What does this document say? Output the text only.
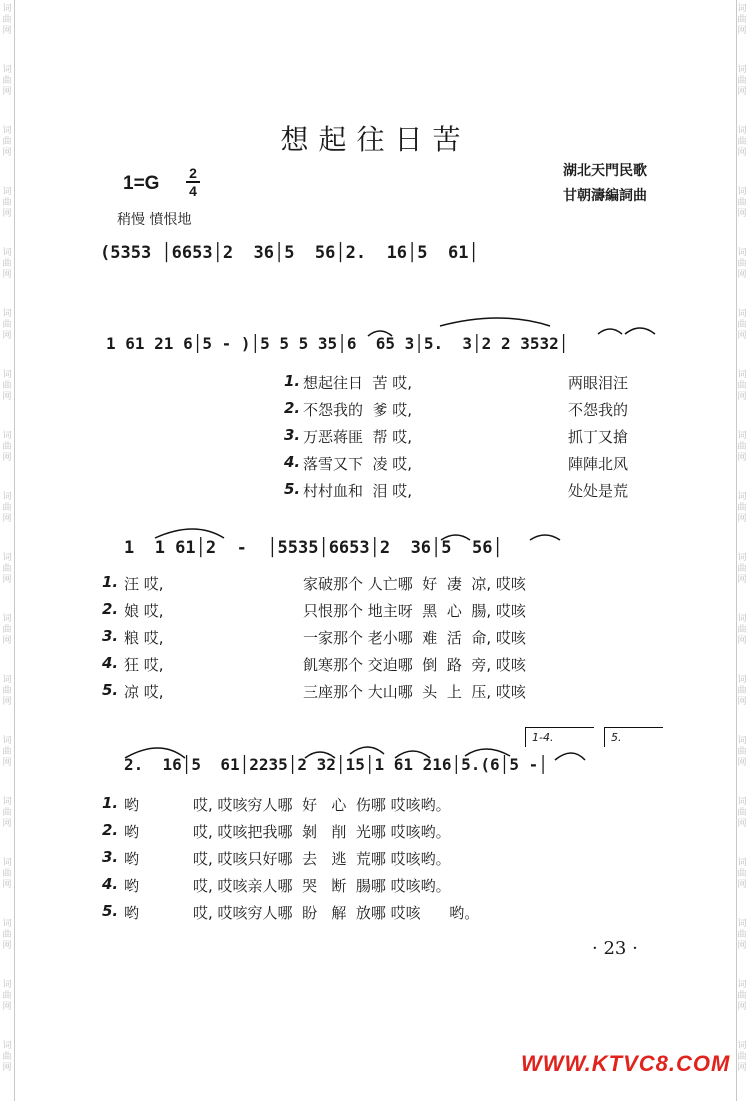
词
曲
网
词
曲
网
词
曲
网
词
曲
网
词
曲
网
词
曲
网
词
曲
网
词
曲
网
词
曲
网
词
曲
网
词
曲
网
词
曲
网
词
曲
网
词
曲
网
词
曲
网
词
曲
网
词
曲
网
词
曲
网
词
曲
网
词
曲
网
词
曲
网
词
曲
网
词
曲
网
词
曲
网
词
曲
网
词
曲
网
词
曲
网
词
曲
网
词
曲
网
词
曲
网
词
曲
网
词
曲
网
词
曲
网
词
曲
网
词
曲
网
词
曲
网
想起往日苦
湖北天門民歌
甘朝濤編詞曲
1=G 2
4
稍慢 憤恨地
(5353 │6653│2  36│5  56│2.  16│5  61│
1 61 21 6│5 - )│5 5 5 35│6  65 3│5.  3│2 2 3532│
1. 想起往日  苦 哎,	两眼泪汪
2. 不怨我的  爹 哎,	不怨我的
3. 万恶蒋匪  帮 哎,	抓丁又搶
4. 落雪又下  凌 哎,	陣陣北风
5. 村村血和  泪 哎,	处处是荒
1  1 61│2  -  │5535│6653│2  36│5  56│
1. 汪 哎,	家破那个 人亡哪  好  凄  凉, 哎咳
2. 娘 哎,	只恨那个 地主呀  黑  心  腸, 哎咳
3. 粮 哎,	一家那个 老小哪  难  活  命, 哎咳
4. 狂 哎,	飢寒那个 交迫哪  倒  路  旁, 哎咳
5. 凉 哎,	三座那个 大山哪  头  上  压, 哎咳
1-4.	5.
2.  16│5  61│2235│2 32│15│1 61 216│5.(6│5 -│
1. 哟	哎, 哎咳穷人哪  好   心  伤哪 哎咳哟。
2. 哟	哎, 哎咳把我哪  剝   削  光哪 哎咳哟。
3. 哟	哎, 哎咳只好哪  去   逃  荒哪 哎咳哟。
4. 哟	哎, 哎咳亲人哪  哭   断  腸哪 哎咳哟。
5. 哟	哎, 哎咳穷人哪  盼   解  放哪 哎咳      哟。
· 23 ·
WWW.KTVC8.COM
